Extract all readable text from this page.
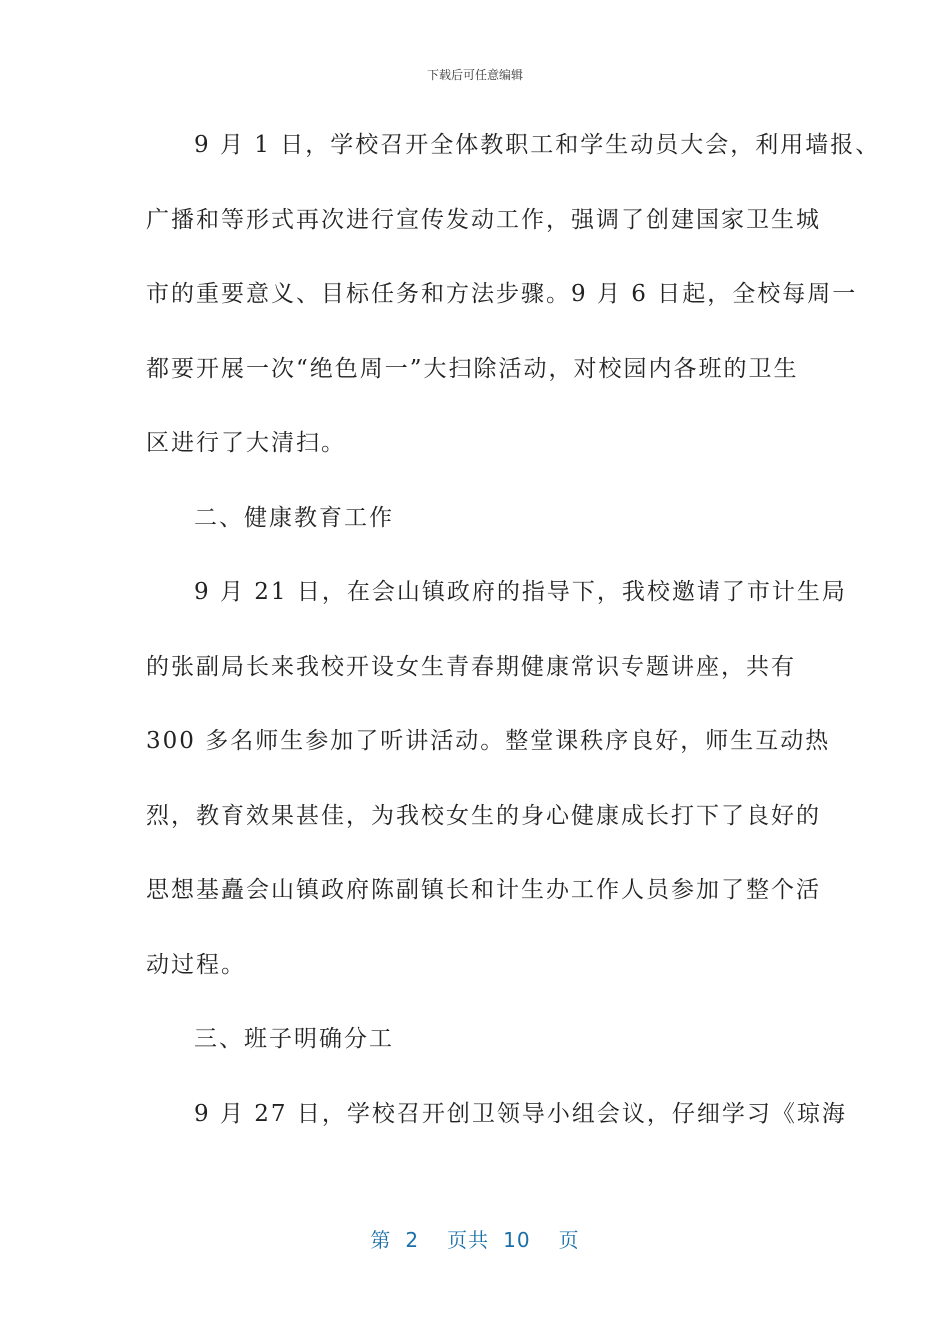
下载后可任意编辑
9 月 1 日，学校召开全体教职工和学生动员大会，利用墙报、
广播和等形式再次进行宣传发动工作，强调了创建国家卫生城
市的重要意义、目标任务和方法步骤。9 月 6 日起，全校每周一
都要开展一次“绝色周一”大扫除活动，对校园内各班的卫生
区进行了大清扫。
二、健康教育工作
9 月 21 日，在会山镇政府的指导下，我校邀请了市计生局
的张副局长来我校开设女生青春期健康常识专题讲座，共有
300 多名师生参加了听讲活动。整堂课秩序良好，师生互动热
烈，教育效果甚佳，为我校女生的身心健康成长打下了良好的
思想基矗会山镇政府陈副镇长和计生办工作人员参加了整个活
动过程。
三、班子明确分工
9 月 27 日，学校召开创卫领导小组会议，仔细学习《琼海
第 2 页共 10 页
